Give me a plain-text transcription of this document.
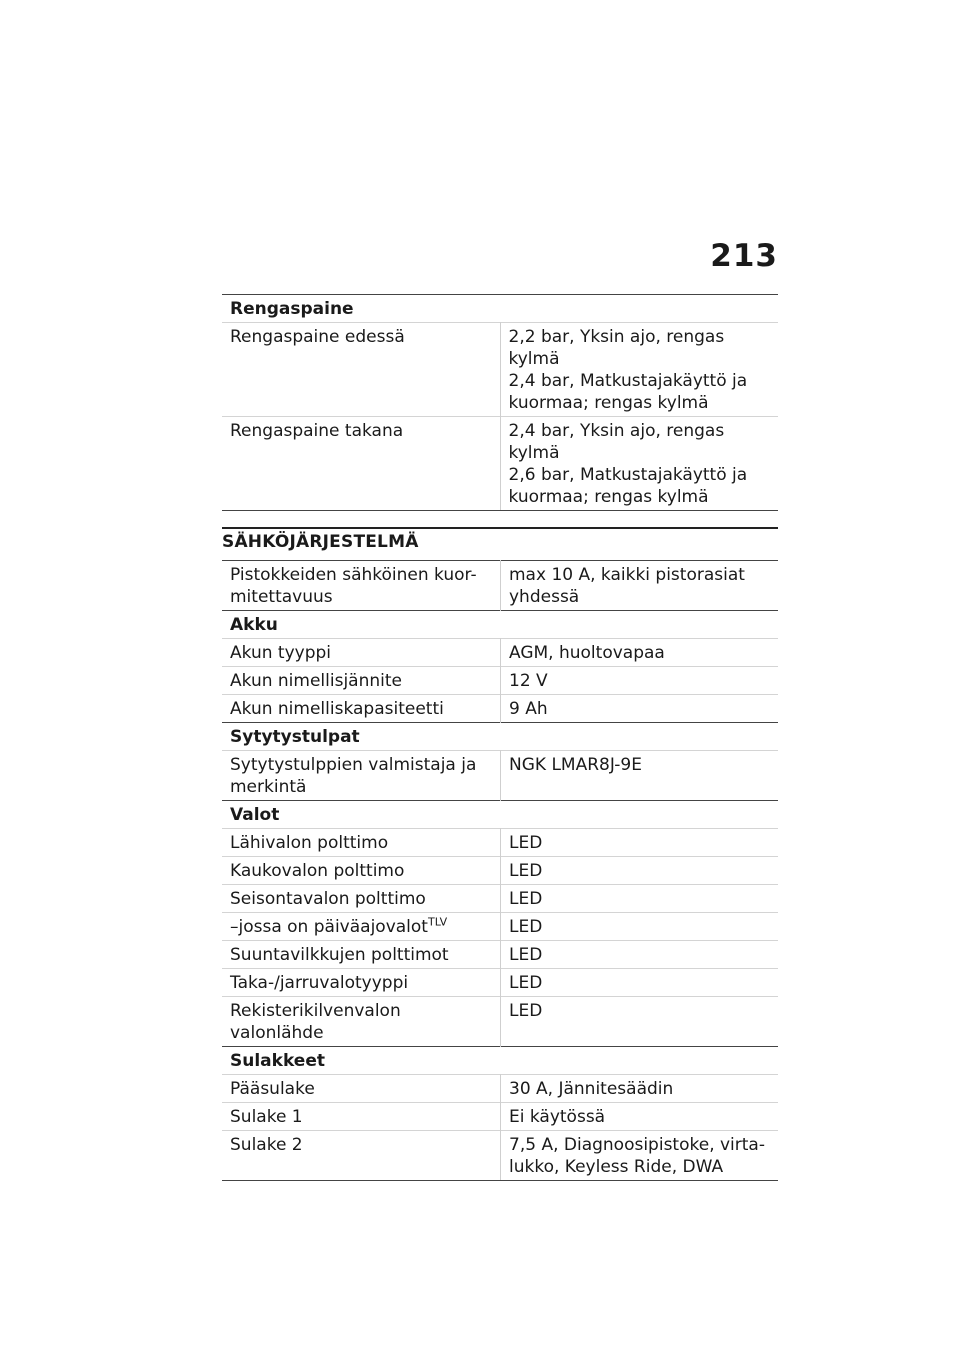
213
Rengaspaine	
Rengaspaine edessä	2,2 bar, Yksin ajo, rengas kylmä
2,4 bar, Matkustajakäyttö ja kuormaa; rengas kylmä

Rengaspaine takana	2,4 bar, Yksin ajo, rengas kylmä
2,6 bar, Matkustajakäyttö ja kuormaa; rengas kylmä
SÄHKÖJÄRJESTELMÄ
Pistokkeiden sähköinen kuor-mitettavuus	max 10 A, kaikki pistorasiat yhdessä
Akku	
Akun tyyppi	AGM, huoltovapaa
Akun nimellisjännite	12 V
Akun nimelliskapasiteetti	9 Ah
Sytytystulpat	
Sytytystulppien valmistaja ja merkintä	NGK LMAR8J-9E
Valot	
Lähivalon polttimo	LED
Kaukovalon polttimo	LED
Seisontavalon polttimo	LED
–jossa on päiväajovalot$^{TLV}$	LED
Suuntavilkkujen polttimot	LED
Taka-/jarruvalotyyppi	LED
Rekisterikilvenvalon valonlähde	LED
Sulakkeet	
Pääsulake	30 A, Jännitesäädin
Sulake 1	Ei käytössä
Sulake 2	7,5 A, Diagnoosipistoke, virta-lukko, Keyless Ride, DWA
